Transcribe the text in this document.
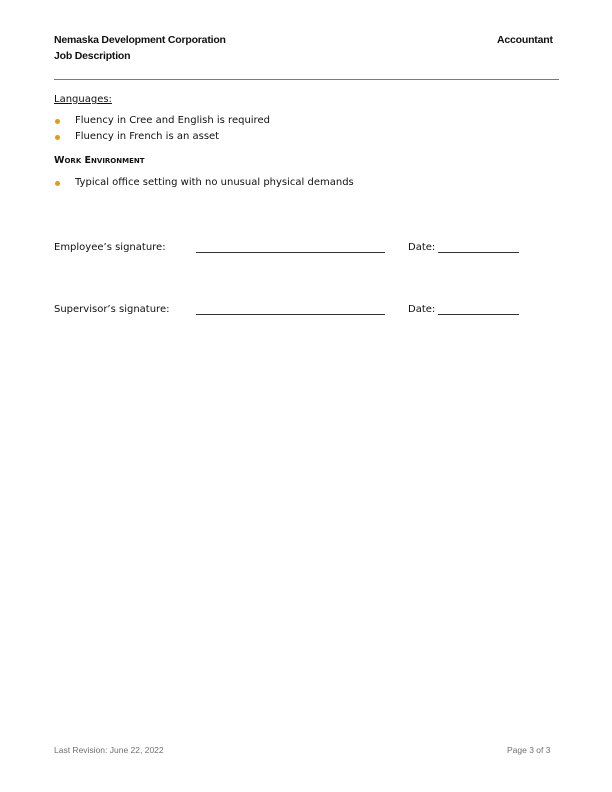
Nemaska Development Corporation
Job Description
Accountant
Languages:
Fluency in Cree and English is required
Fluency in French is an asset
Work Environment
Typical office setting with no unusual physical demands
Employee’s signature:	Date:
Supervisor’s signature:	Date:
Last Revision: June 22, 2022	Page 3 of 3
